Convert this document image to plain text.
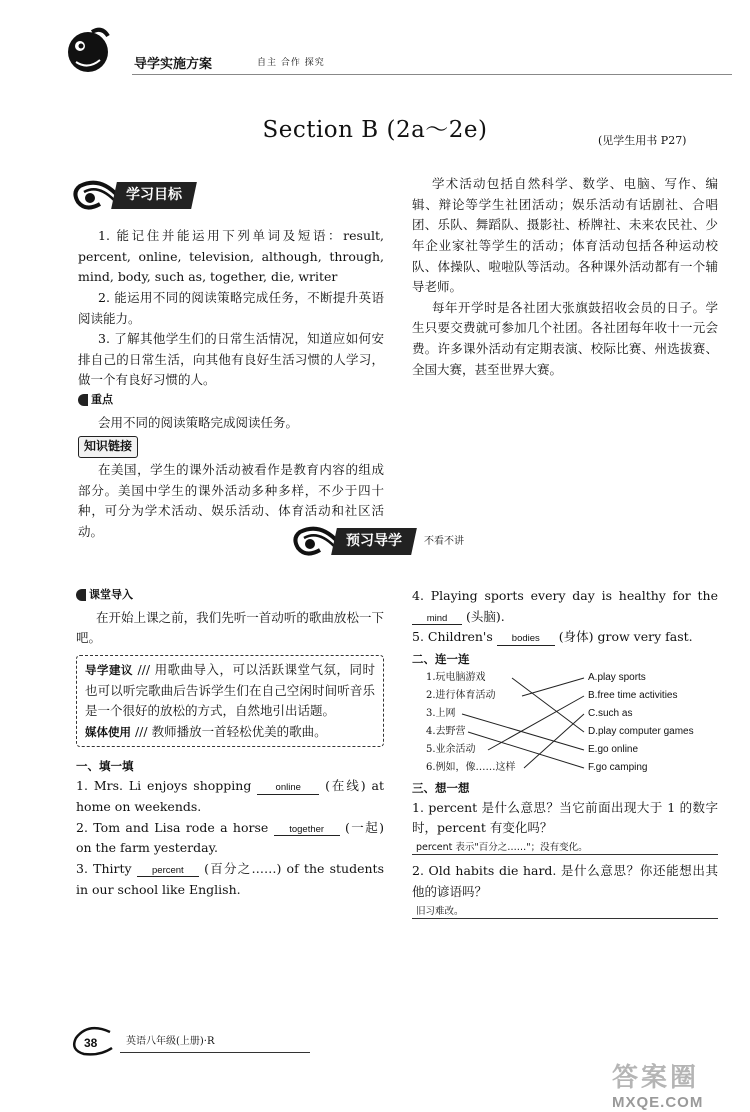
导学实施方案	自主 合作 探究
Section B (2a～2e)	(见学生用书 P27)
学习目标

1. 能记住并能运用下列单词及短语：result, percent, online, television, although, through, mind, body, such as, together, die, writer

2. 能运用不同的阅读策略完成任务，不断提升英语阅读能力。

3. 了解其他学生们的日常生活情况，知道应如何安排自己的日常生活，向其他有良好生活习惯的人学习，做一个有良好习惯的人。

重点

会用不同的阅读策略完成阅读任务。

知识链接

在美国，学生的课外活动被看作是教育内容的组成部分。美国中学生的课外活动多种多样，不少于四十种，可分为学术活动、娱乐活动、体育活动和社区活动。

学术活动包括自然科学、数学、电脑、写作、编辑、辩论等学生社团活动；娱乐活动有话剧社、合唱团、乐队、舞蹈队、摄影社、桥牌社、未来农民社、少年企业家社等学生的活动；体育活动包括各种运动校队、体操队、啦啦队等活动。各种课外活动都有一个辅导老师。

每年开学时是各社团大张旗鼓招收会员的日子。学生只要交费就可参加几个社团。各社团每年收十一元会费。许多课外活动有定期表演、校际比赛、州选拔赛、全国大赛，甚至世界大赛。

预习导学	不看不讲

课堂导入

在开始上课之前，我们先听一首动听的歌曲放松一下吧。

导学建议 /// 用歌曲导入，可以活跃课堂气氛，同时也可以听完歌曲后告诉学生们在自己空闲时间听音乐是一个很好的放松的方式，自然地引出话题。

媒体使用 /// 教师播放一首轻松优美的歌曲。

一、填一填

1. Mrs. Li enjoys shopping	online (在线) at home on weekends.

2. Tom and Lisa rode a horse together (一起) on the farm yesterday.

3. Thirty percent (百分之……) of the students in our school like English.

4. Playing sports every day is healthy for the mind (头脑).

5. Children's bodies (身体) grow very fast.

二、连一连

1.玩电脑游戏
2.进行体育活动
3.上网
4.去野营
5.业余活动
6.例如，像……这样
A.play sports
B.free time activities
C.such as
D.play computer games
E.go online
F.go camping

三、想一想

1. percent 是什么意思？当它前面出现大于 1 的数字时，percent 有变化吗？

percent 表示"百分之……"；没有变化。

2. Old habits die hard. 是什么意思？你还能想出其他的谚语吗？

旧习难改。
38	英语八年级(上册)·R
答案圈
MXQE.COM
